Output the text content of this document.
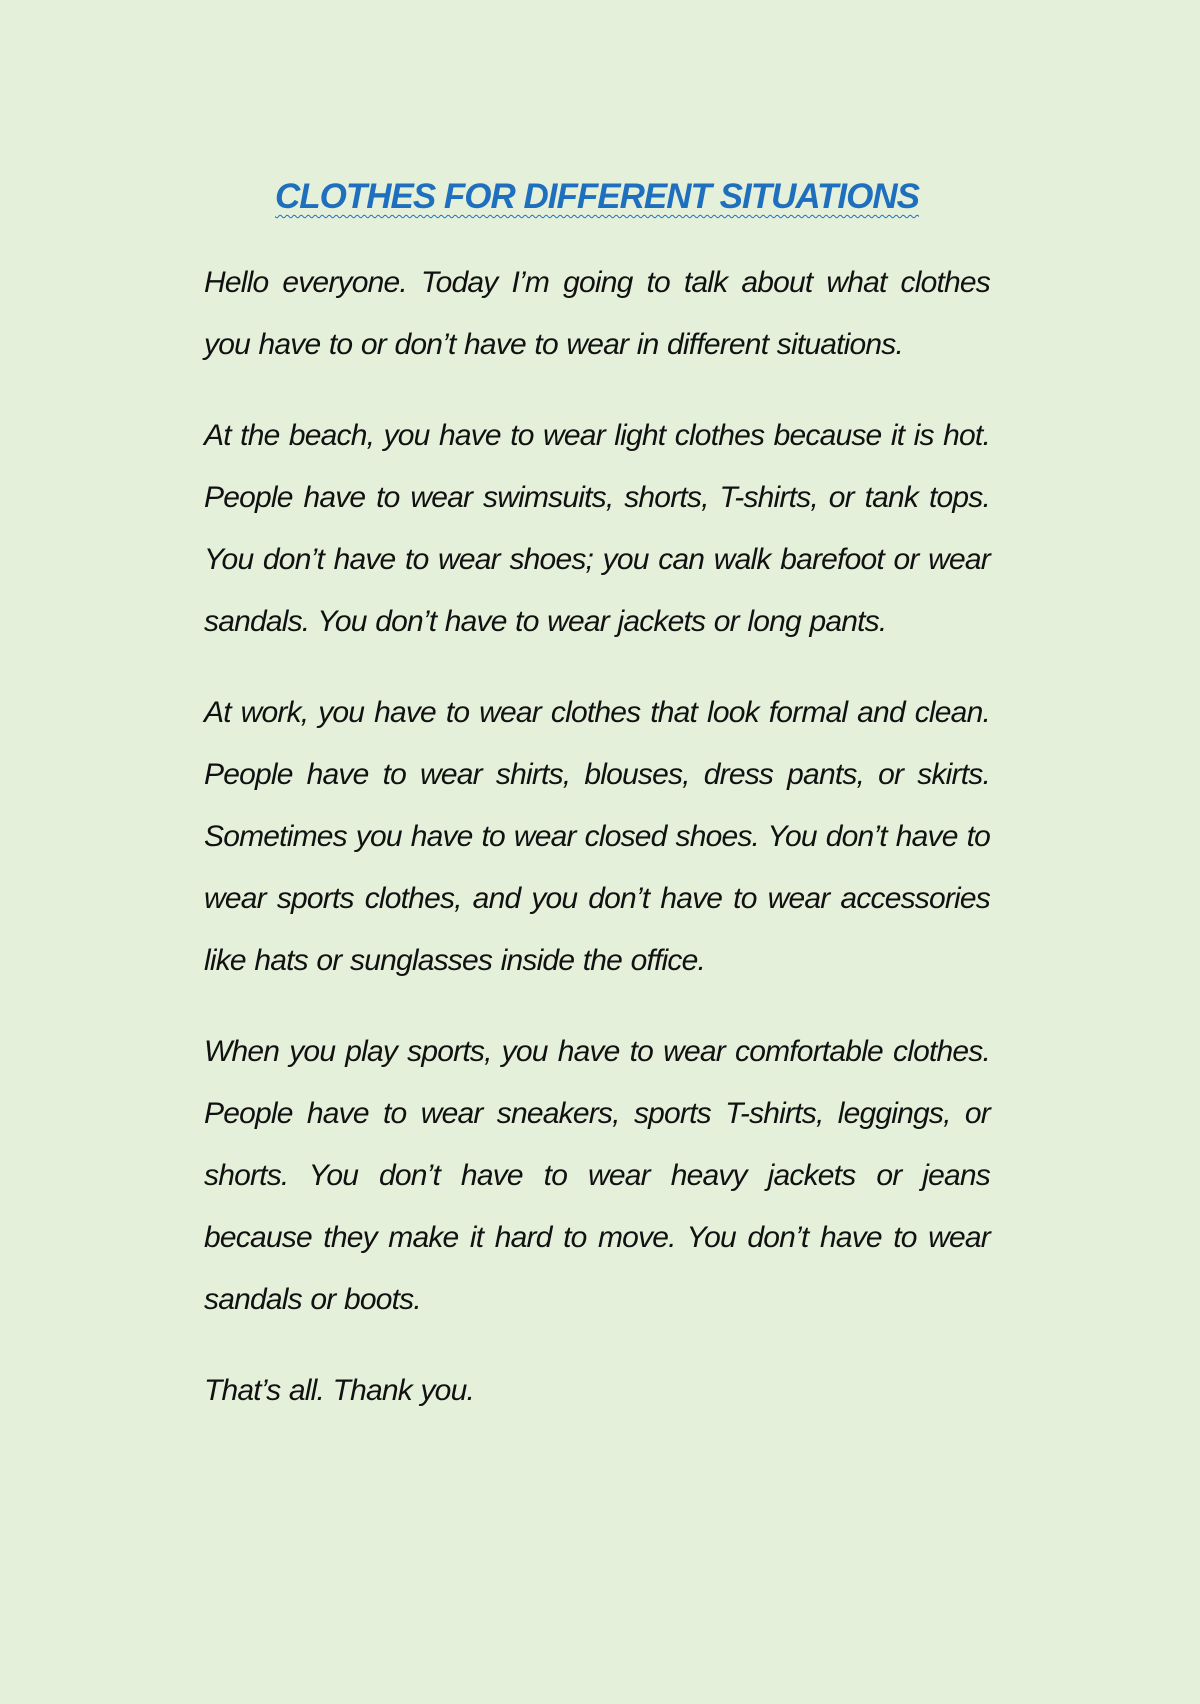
CLOTHES FOR DIFFERENT SITUATIONS

Hello everyone. Today I’m going to talk about what clothes you have to or don’t have to wear in different situations.

At the beach, you have to wear light clothes because it is hot. People have to wear swimsuits, shorts, T-shirts, or tank tops. You don’t have to wear shoes; you can walk barefoot or wear sandals. You don’t have to wear jackets or long pants.

At work, you have to wear clothes that look formal and clean. People have to wear shirts, blouses, dress pants, or skirts. Sometimes you have to wear closed shoes. You don’t have to wear sports clothes, and you don’t have to wear accessories like hats or sunglasses inside the office.

When you play sports, you have to wear comfortable clothes. People have to wear sneakers, sports T-shirts, leggings, or shorts. You don’t have to wear heavy jackets or jeans because they make it hard to move. You don’t have to wear sandals or boots.

That’s all. Thank you.
